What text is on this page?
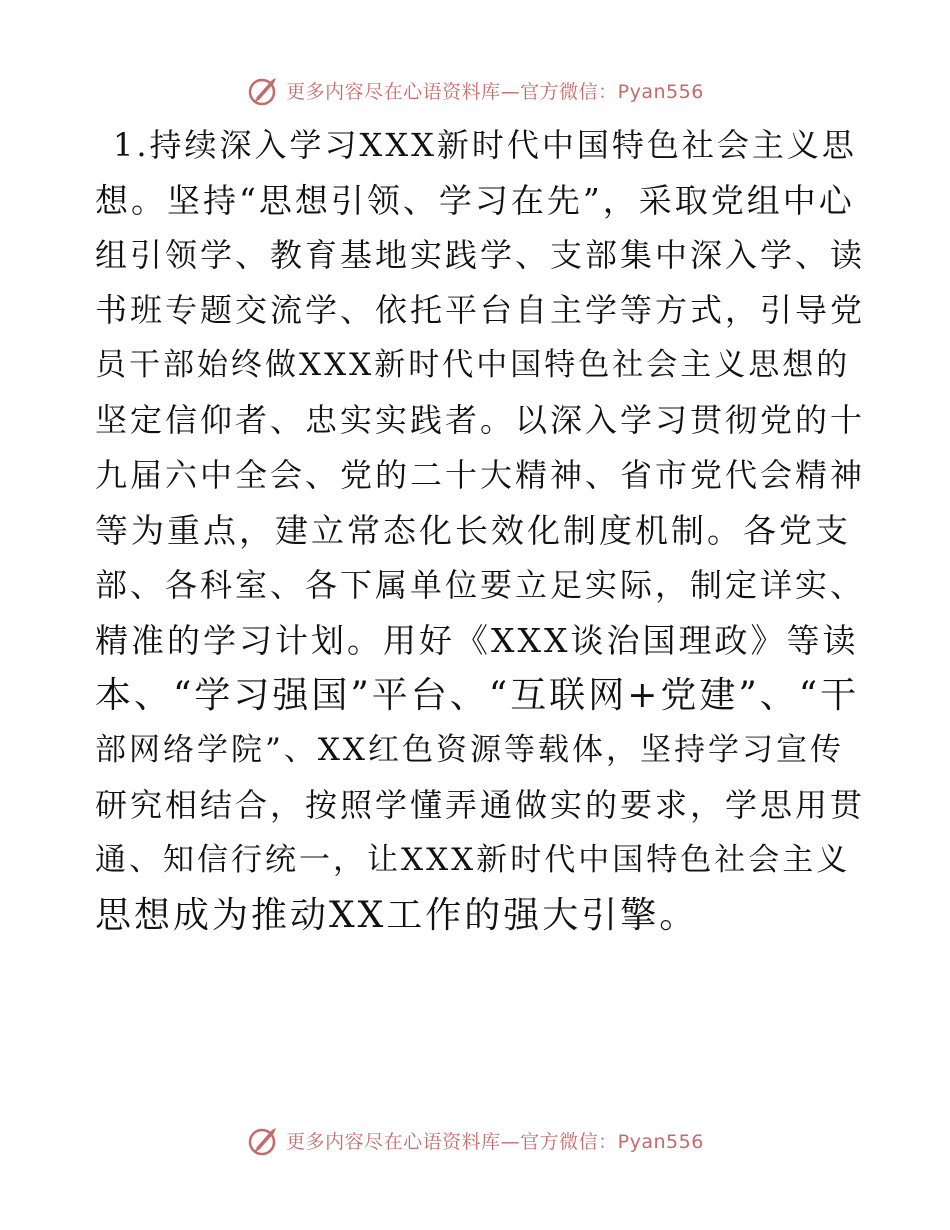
更多内容尽在心语资料库—官方微信：Pyan556
1.持续深入学习XXX新时代中国特色社会主义思
想。坚持“思想引领、学习在先”，采取党组中心
组引领学、教育基地实践学、支部集中深入学、读
书班专题交流学、依托平台自主学等方式，引导党
员干部始终做XXX新时代中国特色社会主义思想的
坚定信仰者、忠实实践者。以深入学习贯彻党的十
九届六中全会、党的二十大精神、省市党代会精神
等为重点，建立常态化长效化制度机制。各党支
部、各科室、各下属单位要立足实际，制定详实、
精准的学习计划。用好《XXX谈治国理政》等读
本、“学习强国”平台、“互联网+党建”、“干
部网络学院”、XX红色资源等载体，坚持学习宣传
研究相结合，按照学懂弄通做实的要求，学思用贯
通、知信行统一，让XXX新时代中国特色社会主义
思想成为推动XX工作的强大引擎。
更多内容尽在心语资料库—官方微信：Pyan556
